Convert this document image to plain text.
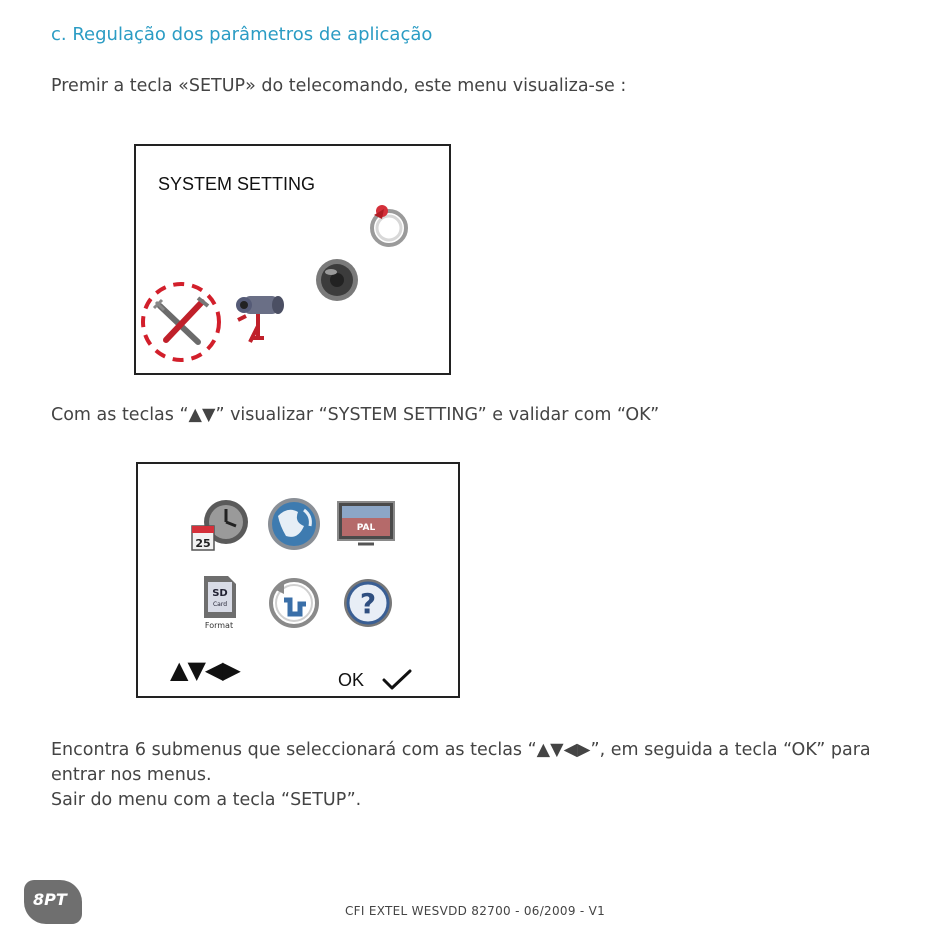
c. Regulação dos parâmetros de aplicação
Premir a tecla «SETUP» do telecomando, este menu visualiza-se :
SYSTEM SETTING
Com as teclas “▲▼” visualizar “SYSTEM SETTING” e validar com “OK”
25
PAL
SD
Card
Format
?
▲▼◀▶	OK
Encontra 6 submenus que seleccionará com as teclas “▲▼◀▶”, em seguida a tecla “OK” para
entrar nos menus.
Sair do menu com a tecla “SETUP”.
8PT
CFI EXTEL WESVDD 82700 - 06/2009 - V1
